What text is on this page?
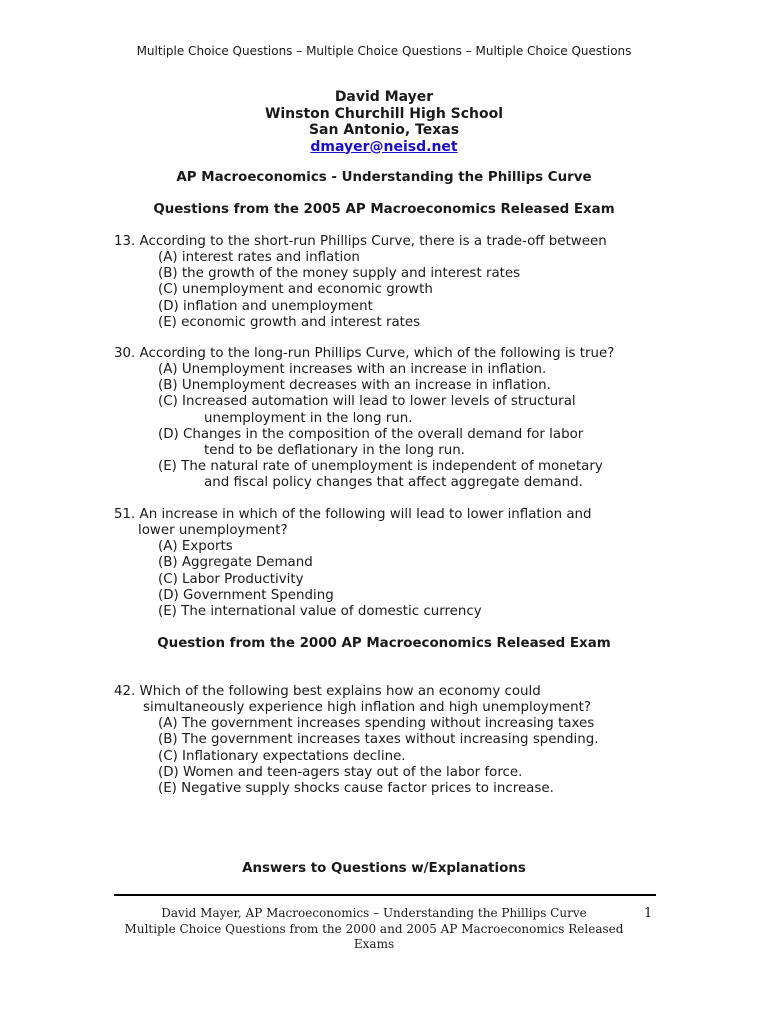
Multiple Choice Questions – Multiple Choice Questions – Multiple Choice Questions
David Mayer
Winston Churchill High School
San Antonio, Texas
dmayer@neisd.net
AP Macroeconomics - Understanding the Phillips Curve
Questions from the 2005 AP Macroeconomics Released Exam
13. According to the short-run Phillips Curve, there is a trade-off between
(A) interest rates and inflation
(B) the growth of the money supply and interest rates
(C) unemployment and economic growth
(D) inflation and unemployment
(E) economic growth and interest rates
30. According to the long-run Phillips Curve, which of the following is true?
(A) Unemployment increases with an increase in inflation.
(B) Unemployment decreases with an increase in inflation.
(C) Increased automation will lead to lower levels of structural
unemployment in the long run.
(D) Changes in the composition of the overall demand for labor
tend to be deflationary in the long run.
(E) The natural rate of unemployment is independent of monetary
and fiscal policy changes that affect aggregate demand.
51. An increase in which of the following will lead to lower inflation and
lower unemployment?
(A) Exports
(B) Aggregate Demand
(C) Labor Productivity
(D) Government Spending
(E) The international value of domestic currency
Question from the 2000 AP Macroeconomics Released Exam
42. Which of the following best explains how an economy could
simultaneously experience high inflation and high unemployment?
(A) The government increases spending without increasing taxes
(B) The government increases taxes without increasing spending.
(C) Inflationary expectations decline.
(D) Women and teen-agers stay out of the labor force.
(E) Negative supply shocks cause factor prices to increase.
Answers to Questions w/Explanations
David Mayer, AP Macroeconomics – Understanding the Phillips Curve
Multiple Choice Questions from the 2000 and 2005 AP Macroeconomics Released
Exams
1
